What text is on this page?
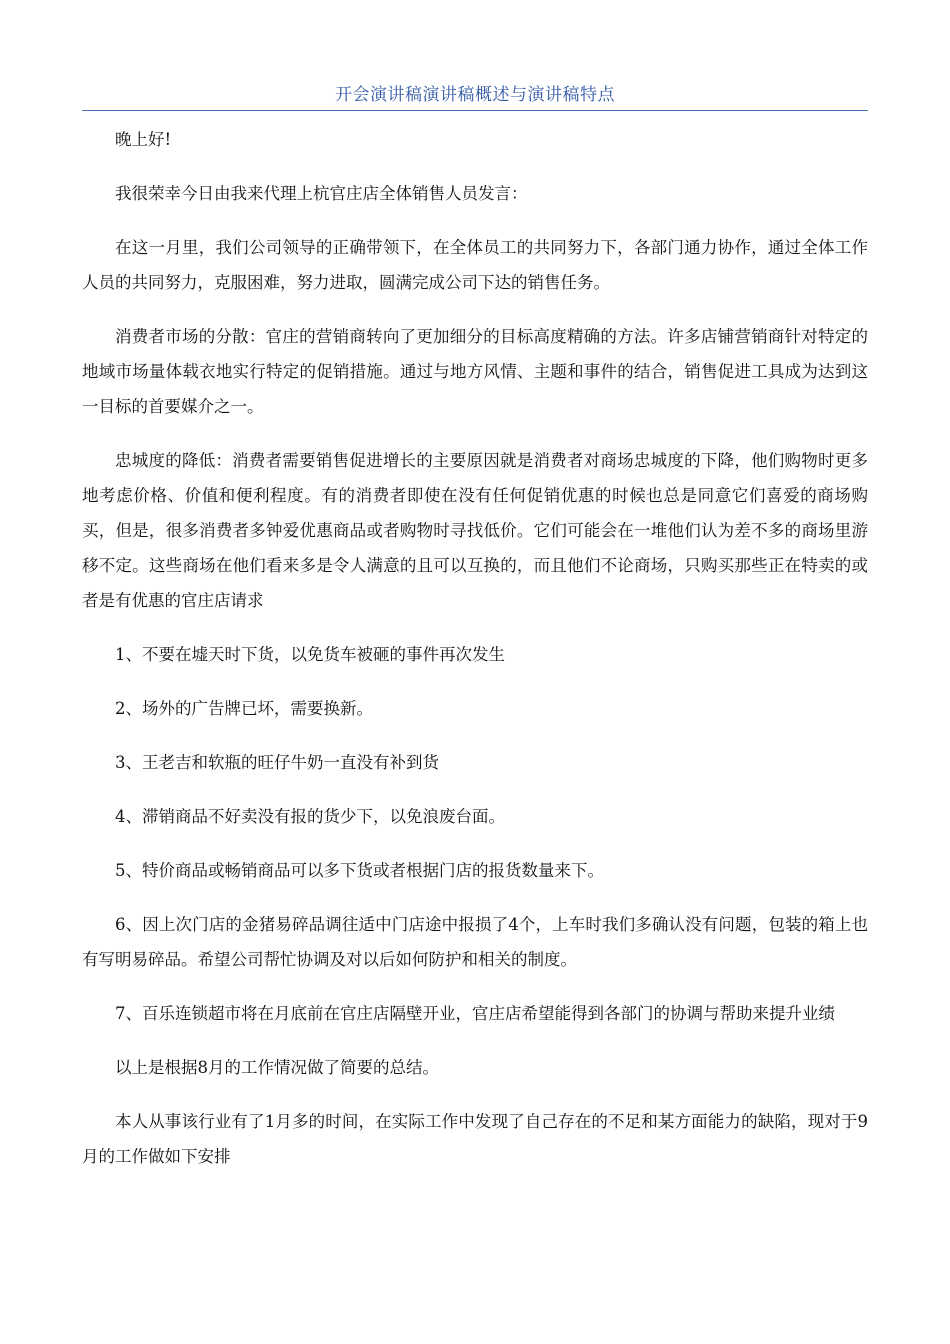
开会演讲稿演讲稿概述与演讲稿特点

晚上好!

我很荣幸今日由我来代理上杭官庄店全体销售人员发言：

在这一月里，我们公司领导的正确带领下，在全体员工的共同努力下，各部门通力协作，通过全体工作人员的共同努力，克服困难，努力进取，圆满完成公司下达的销售任务。

消费者市场的分散：官庄的营销商转向了更加细分的目标高度精确的方法。许多店铺营销商针对特定的地域市场量体载衣地实行特定的促销措施。通过与地方风情、主题和事件的结合，销售促进工具成为达到这一目标的首要媒介之一。

忠城度的降低：消费者需要销售促进增长的主要原因就是消费者对商场忠城度的下降，他们购物时更多地考虑价格、价值和便利程度。有的消费者即使在没有任何促销优惠的时候也总是同意它们喜爱的商场购买，但是，很多消费者多钟爱优惠商品或者购物时寻找低价。它们可能会在一堆他们认为差不多的商场里游移不定。这些商场在他们看来多是令人满意的且可以互换的，而且他们不论商场，只购买那些正在特卖的或者是有优惠的官庄店请求

1、不要在墟天时下货，以免货车被砸的事件再次发生

2、场外的广告牌已坏，需要换新。

3、王老吉和软瓶的旺仔牛奶一直没有补到货

4、滞销商品不好卖没有报的货少下，以免浪废台面。

5、特价商品或畅销商品可以多下货或者根据门店的报货数量来下。

6、因上次门店的金猪易碎品调往适中门店途中报损了4个，上车时我们多确认没有问题，包装的箱上也有写明易碎品。希望公司帮忙协调及对以后如何防护和相关的制度。

7、百乐连锁超市将在月底前在官庄店隔壁开业，官庄店希望能得到各部门的协调与帮助来提升业绩

以上是根据8月的工作情况做了简要的总结。

本人从事该行业有了1月多的时间，在实际工作中发现了自己存在的不足和某方面能力的缺陷，现对于9月的工作做如下安排
